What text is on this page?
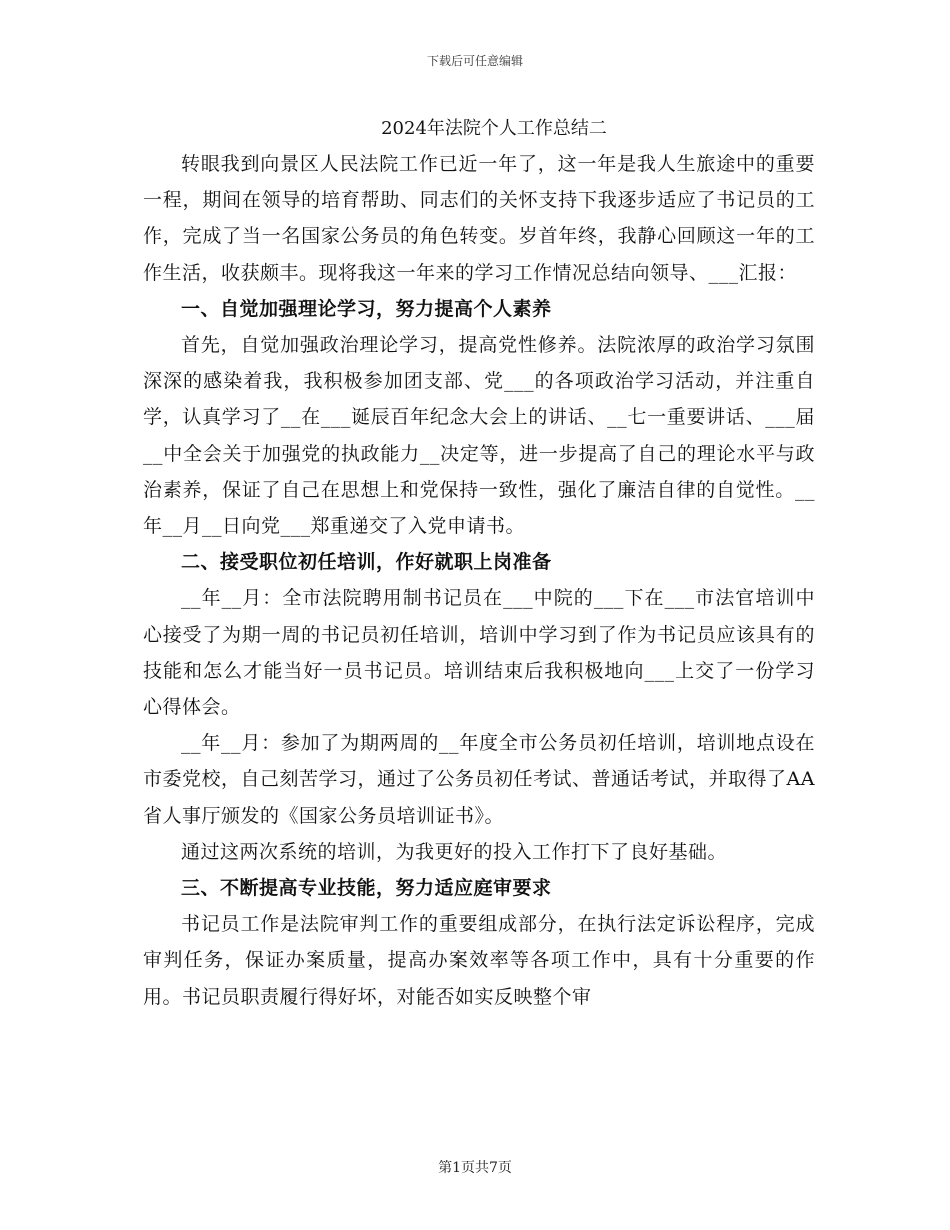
下载后可任意编辑
2024年法院个人工作总结二

转眼我到向景区人民法院工作已近一年了，这一年是我人生旅途中的重要一程，期间在领导的培育帮助、同志们的关怀支持下我逐步适应了书记员的工作，完成了当一名国家公务员的角色转变。岁首年终，我静心回顾这一年的工作生活，收获颇丰。现将我这一年来的学习工作情况总结向领导、___汇报：

一、自觉加强理论学习，努力提高个人素养

首先，自觉加强政治理论学习，提高党性修养。法院浓厚的政治学习氛围深深的感染着我，我积极参加团支部、党___的各项政治学习活动，并注重自学，认真学习了__在___诞辰百年纪念大会上的讲话、__七一重要讲话、___届__中全会关于加强党的执政能力__决定等，进一步提高了自己的理论水平与政治素养，保证了自己在思想上和党保持一致性，强化了廉洁自律的自觉性。__年__月__日向党___郑重递交了入党申请书。

二、接受职位初任培训，作好就职上岗准备

__年__月：全市法院聘用制书记员在___中院的___下在___市法官培训中心接受了为期一周的书记员初任培训，培训中学习到了作为书记员应该具有的技能和怎么才能当好一员书记员。培训结束后我积极地向___上交了一份学习心得体会。

__年__月：参加了为期两周的__年度全市公务员初任培训，培训地点设在市委党校，自己刻苦学习，通过了公务员初任考试、普通话考试，并取得了AA省人事厅颁发的《国家公务员培训证书》。

通过这两次系统的培训，为我更好的投入工作打下了良好基础。

三、不断提高专业技能，努力适应庭审要求

书记员工作是法院审判工作的重要组成部分，在执行法定诉讼程序，完成审判任务，保证办案质量，提高办案效率等各项工作中，具有十分重要的作用。书记员职责履行得好坏，对能否如实反映整个审

第1页共7页
